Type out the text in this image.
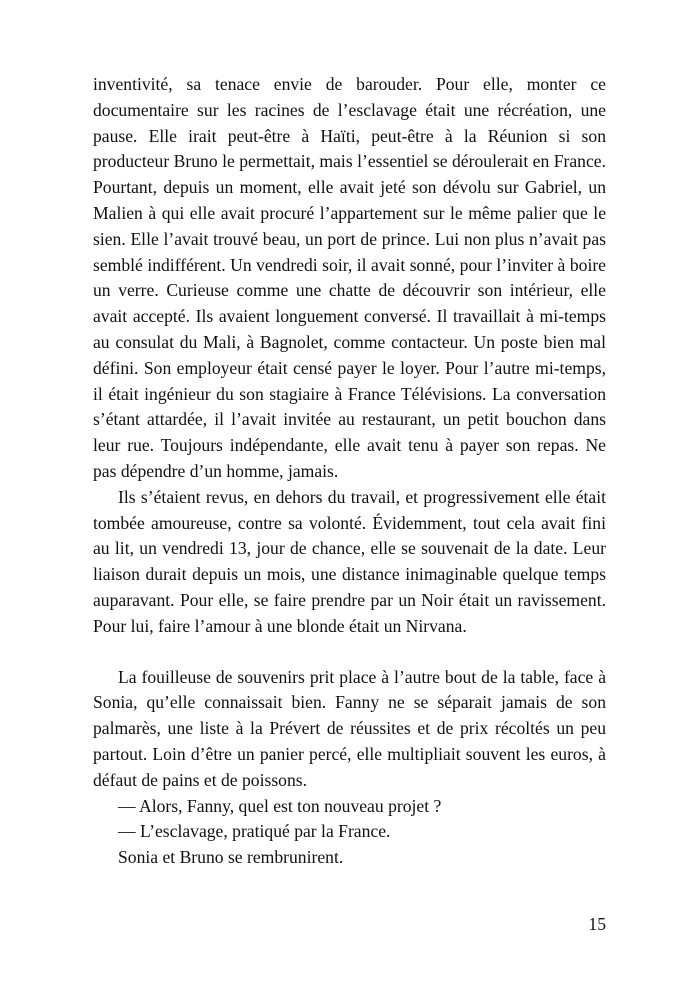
inventivité, sa tenace envie de barouder. Pour elle, monter ce documentaire sur les racines de l’esclavage était une récréation, une pause. Elle irait peut-être à Haïti, peut-être à la Réunion si son producteur Bruno le permettait, mais l’essentiel se déroulerait en France. Pourtant, depuis un moment, elle avait jeté son dévolu sur Gabriel, un Malien à qui elle avait procuré l’appartement sur le même palier que le sien. Elle l’avait trouvé beau, un port de prince. Lui non plus n’avait pas semblé indifférent. Un vendredi soir, il avait sonné, pour l’inviter à boire un verre. Curieuse comme une chatte de découvrir son intérieur, elle avait accepté. Ils avaient longuement conversé. Il travaillait à mi-temps au consulat du Mali, à Bagnolet, comme contacteur. Un poste bien mal défini. Son employeur était censé payer le loyer. Pour l’autre mi-temps, il était ingénieur du son stagiaire à France Télévisions. La conversation s’étant attardée, il l’avait invitée au restaurant, un petit bouchon dans leur rue. Toujours indépendante, elle avait tenu à payer son repas. Ne pas dépendre d’un homme, jamais.

Ils s’étaient revus, en dehors du travail, et progressivement elle était tombée amoureuse, contre sa volonté. Évidemment, tout cela avait fini au lit, un vendredi 13, jour de chance, elle se souvenait de la date. Leur liaison durait depuis un mois, une distance inimaginable quelque temps auparavant. Pour elle, se faire prendre par un Noir était un ravissement. Pour lui, faire l’amour à une blonde était un Nirvana.

La fouilleuse de souvenirs prit place à l’autre bout de la table, face à Sonia, qu’elle connaissait bien. Fanny ne se séparait jamais de son palmarès, une liste à la Prévert de réussites et de prix récoltés un peu partout. Loin d’être un panier percé, elle multipliait souvent les euros, à défaut de pains et de poissons.

— Alors, Fanny, quel est ton nouveau projet ?

— L’esclavage, pratiqué par la France.

Sonia et Bruno se rembrunirent.

15
